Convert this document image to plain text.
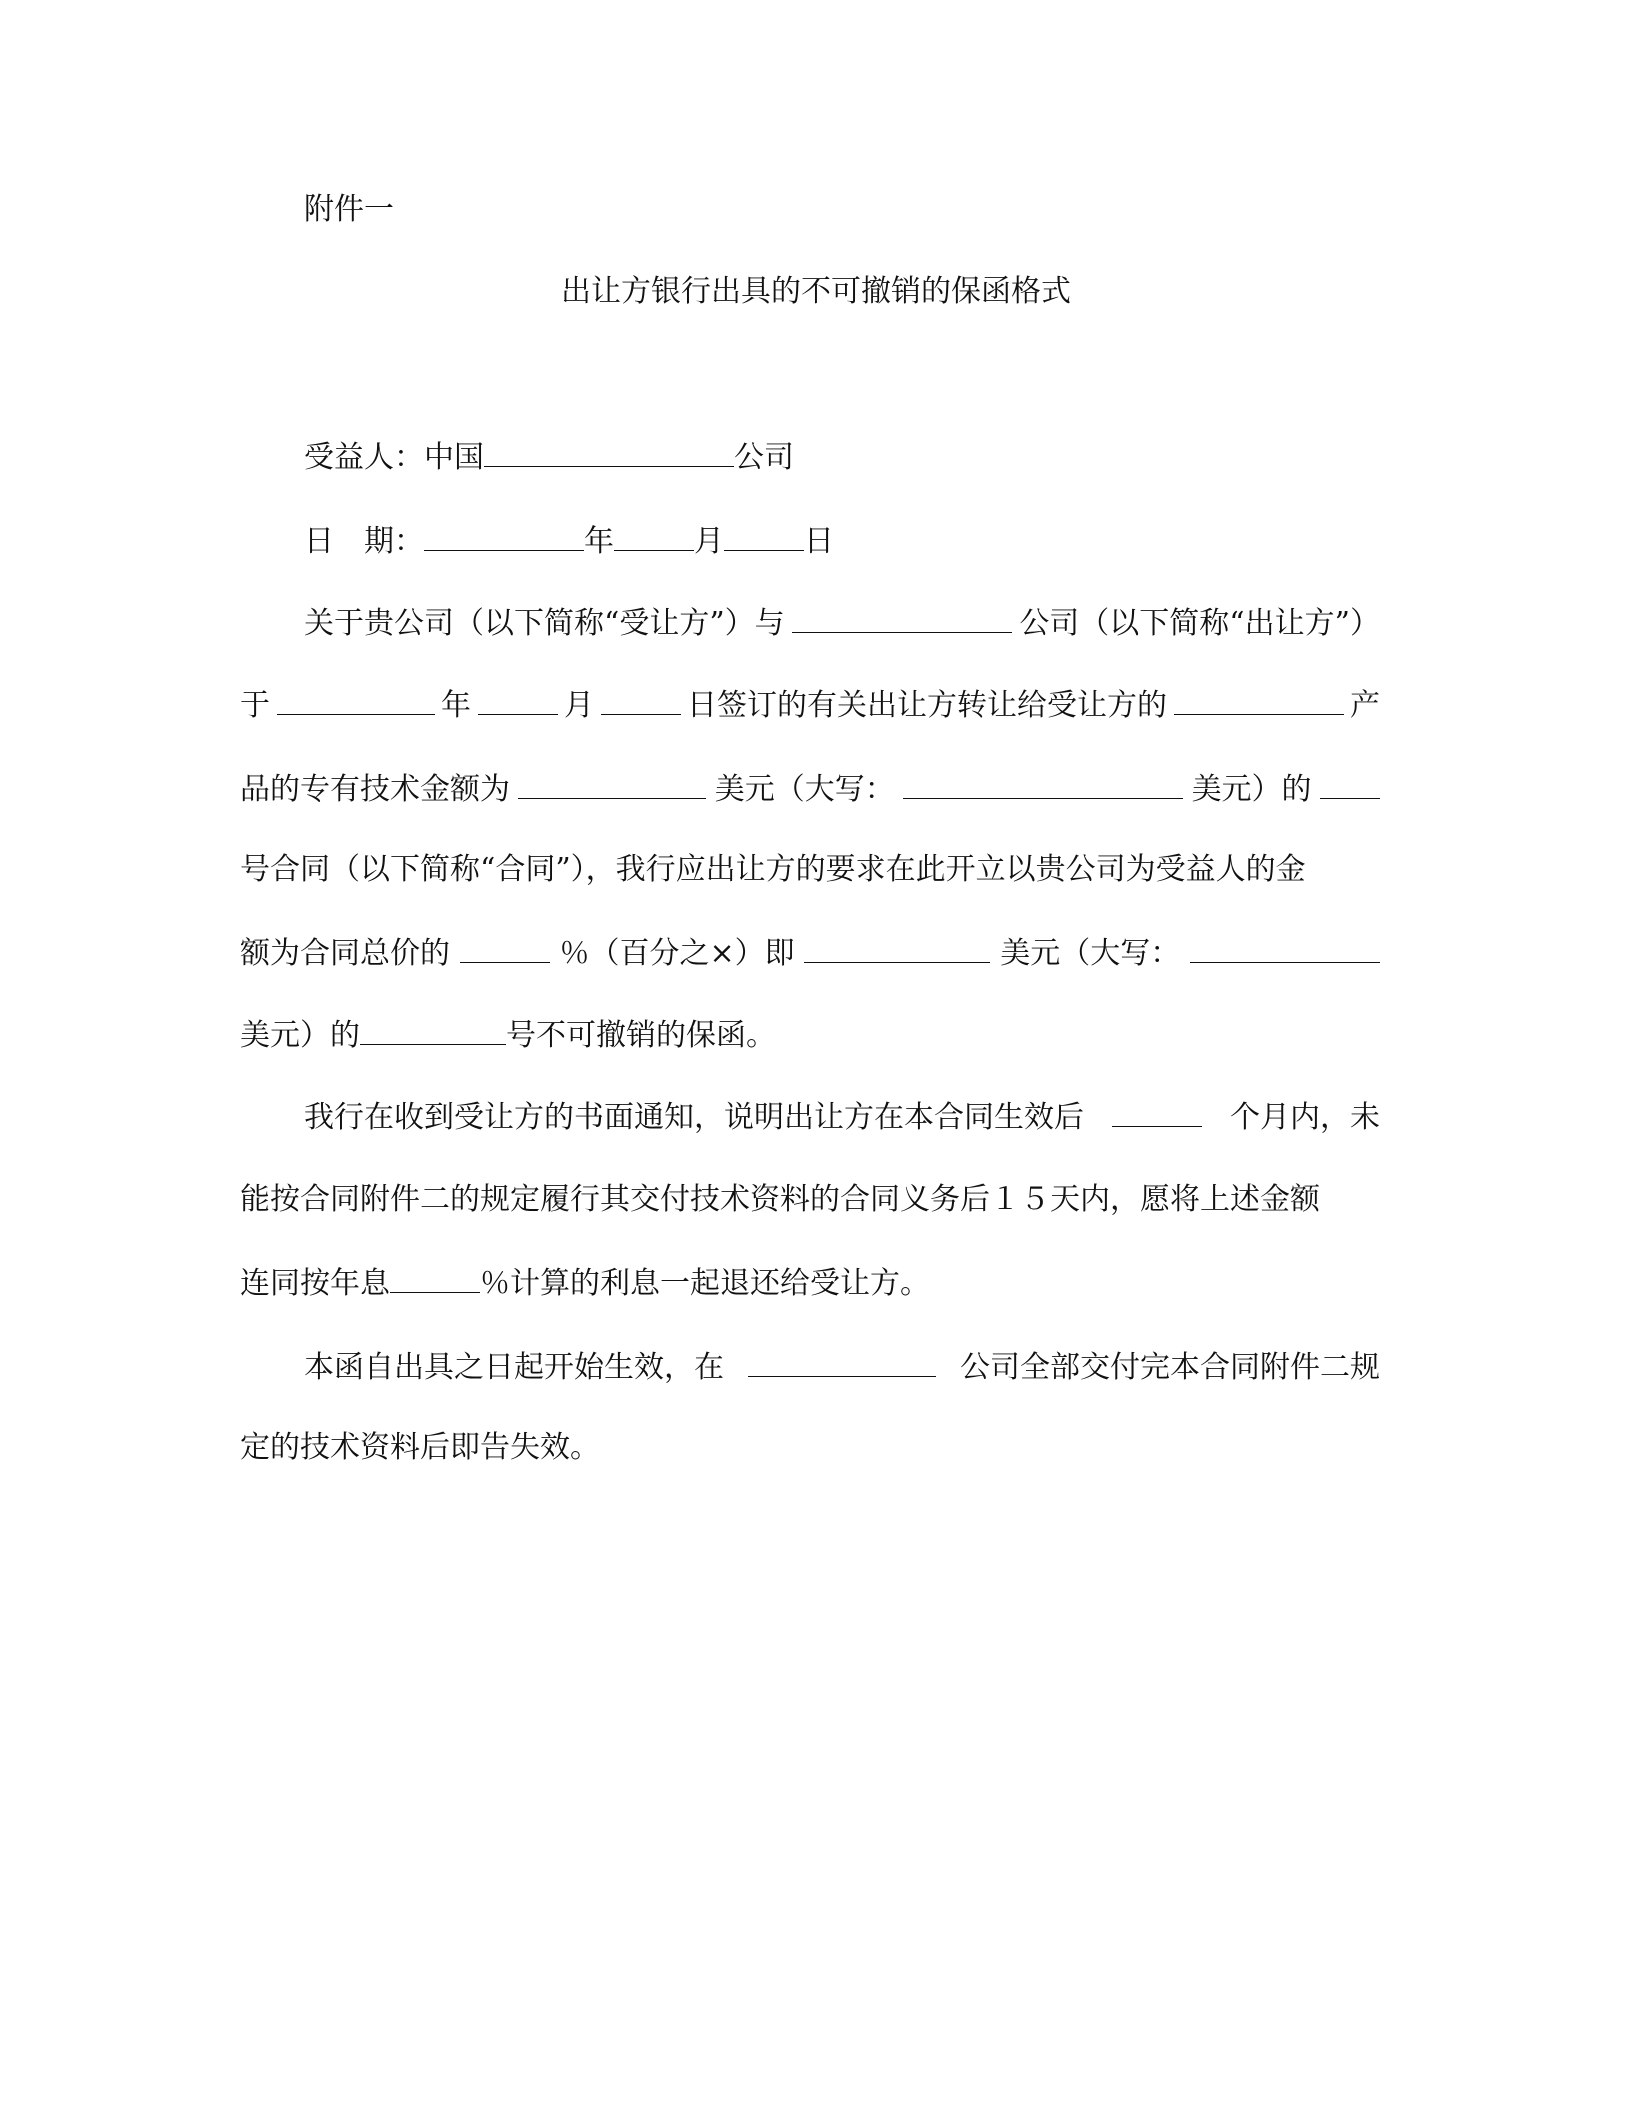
附件一
出让方银行出具的不可撤销的保函格式
受益人：中国	公司
日　期：	年	月	日
关于贵公司（以下简称“受让方”）与	公司（以下简称“出让方”）
于	年	月	日签订的有关出让方转让给受让方的	产
品的专有技术金额为	美元（大写：	美元）的
号合同（以下简称“合同”），我行应出让方的要求在此开立以贵公司为受益人的金
额为合同总价的	％（百分之×）即	美元（大写：
美元）的	号不可撤销的保函。
我行在收到受让方的书面通知，说明出让方在本合同生效后	个月内，未
能按合同附件二的规定履行其交付技术资料的合同义务后１５天内，愿将上述金额
连同按年息	％计算的利息一起退还给受让方。
本函自出具之日起开始生效，在	公司全部交付完本合同附件二规
定的技术资料后即告失效。
